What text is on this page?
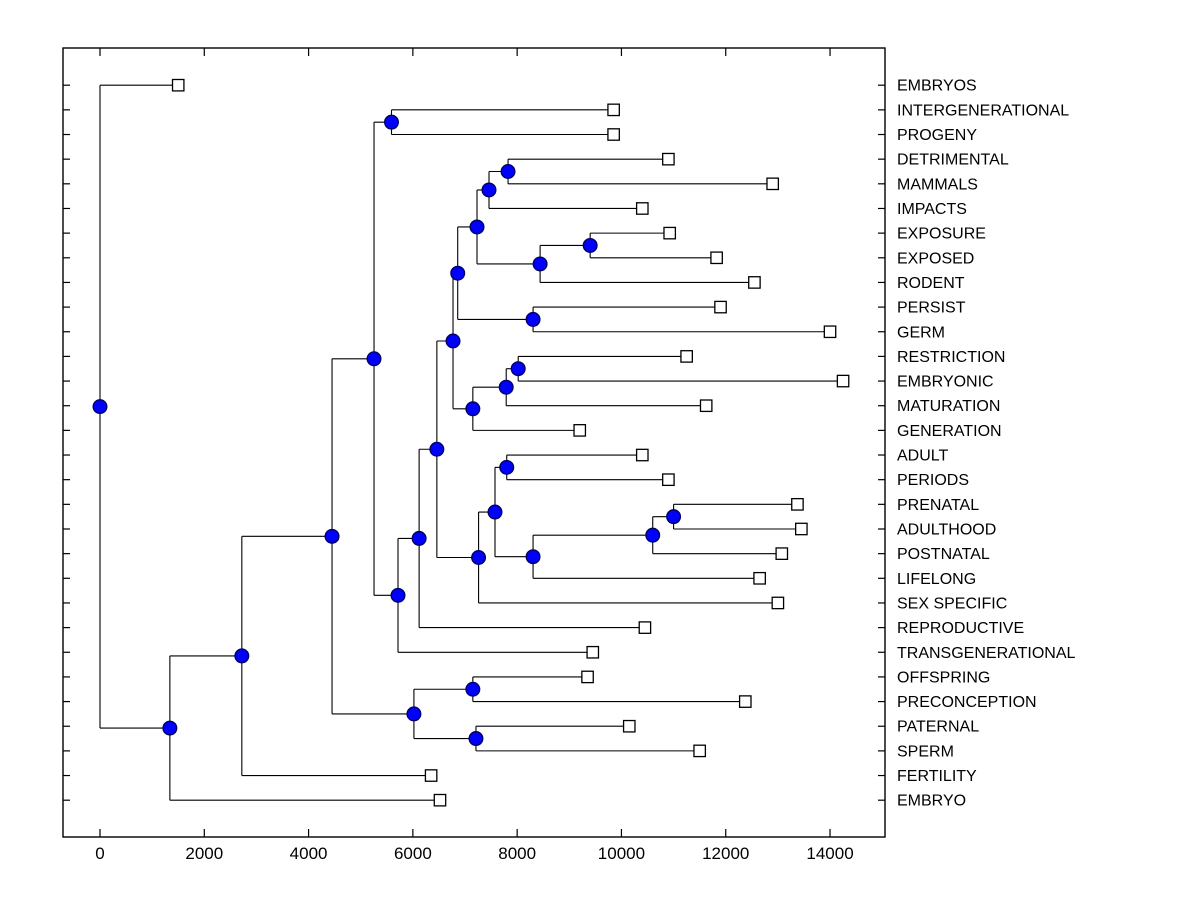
0	2000	4000	6000	8000	10000	12000	14000
EMBRYOS
INTERGENERATIONAL
PROGENY
DETRIMENTAL
MAMMALS
IMPACTS
EXPOSURE
EXPOSED
RODENT
PERSIST
GERM
RESTRICTION
EMBRYONIC
MATURATION
GENERATION
ADULT
PERIODS
PRENATAL
ADULTHOOD
POSTNATAL
LIFELONG
SEX SPECIFIC
REPRODUCTIVE
TRANSGENERATIONAL
OFFSPRING
PRECONCEPTION
PATERNAL
SPERM
FERTILITY
EMBRYO
